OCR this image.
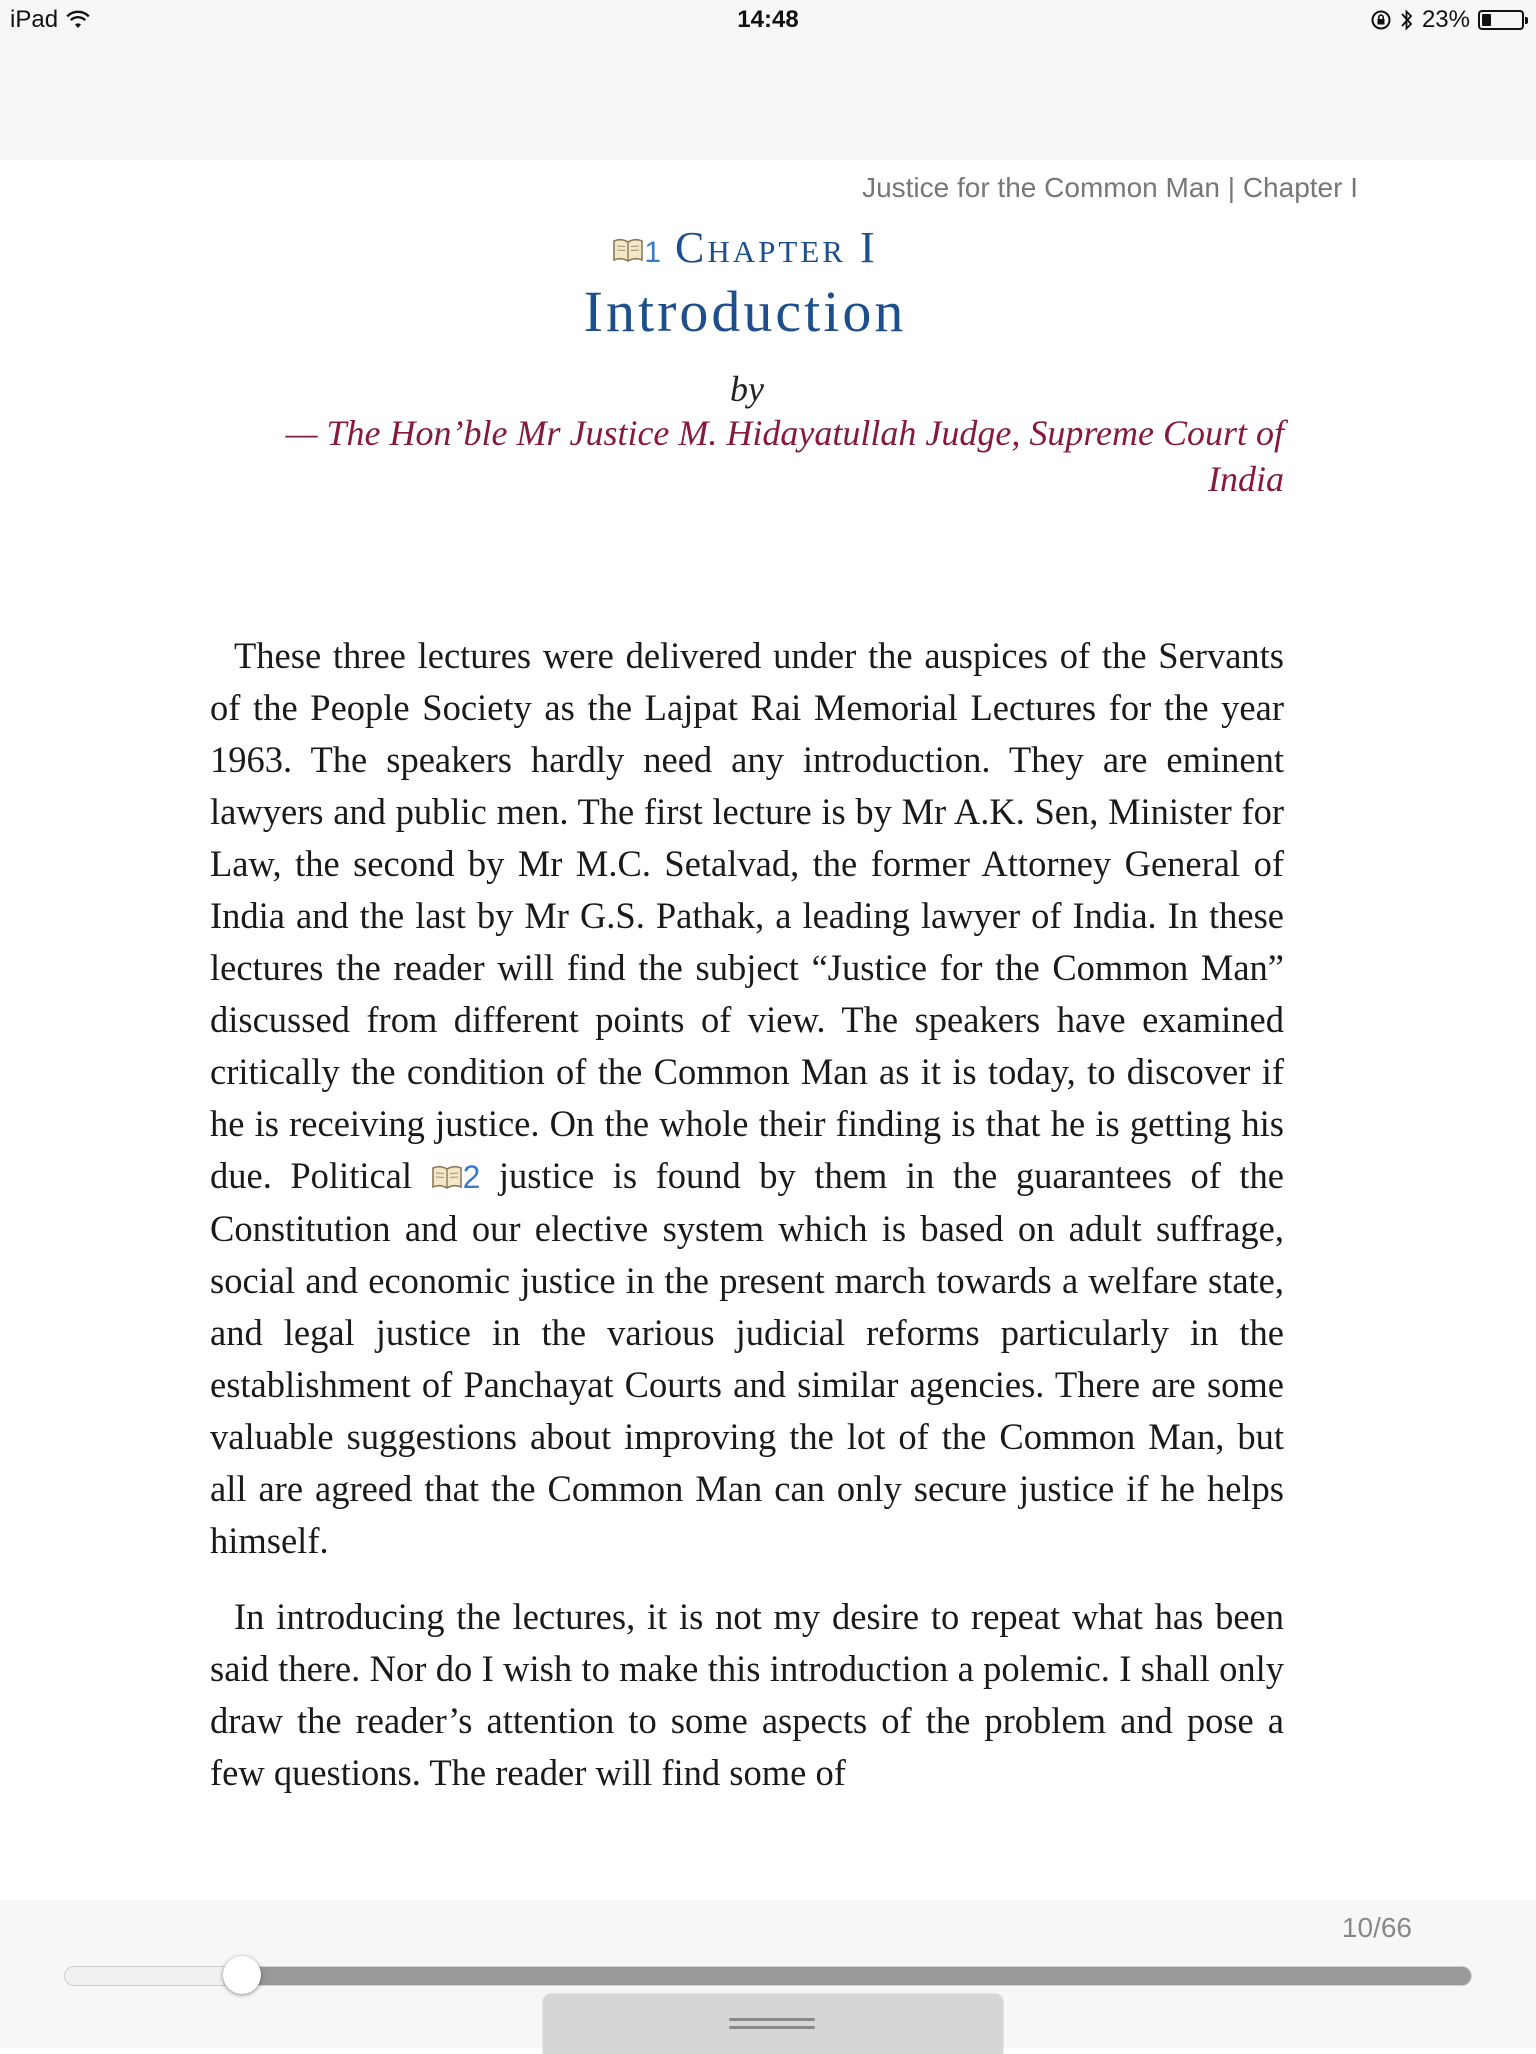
iPad	14:48	23%
Justice for the Common Man | Chapter I
1 Chapter I
Introduction
by
— The Hon’ble Mr Justice M. Hidayatullah Judge, Supreme Court of India

These three lectures were delivered under the auspices of the Servants of the People Society as the Lajpat Rai Memorial Lectures for the year 1963. The speakers hardly need any introduction. They are eminent lawyers and public men. The first lecture is by Mr A.K. Sen, Minister for Law, the second by Mr M.C. Setalvad, the former Attorney General of India and the last by Mr G.S. Pathak, a leading lawyer of India. In these lectures the reader will find the subject “Justice for the Common Man” discussed from different points of view. The speakers have examined critically the condition of the Common Man as it is today, to discover if he is receiving justice. On the whole their finding is that he is getting his due. Political 2 justice is found by them in the guarantees of the Constitution and our elective system which is based on adult suffrage, social and economic justice in the present march towards a welfare state, and legal justice in the various judicial reforms particularly in the establishment of Panchayat Courts and similar agencies. There are some valuable suggestions about improving the lot of the Common Man, but all are agreed that the Common Man can only secure justice if he helps himself.

In introducing the lectures, it is not my desire to repeat what has been said there. Nor do I wish to make this introduction a polemic. I shall only draw the reader’s attention to some aspects of the problem and pose a few questions. The reader will find some of

10/66
